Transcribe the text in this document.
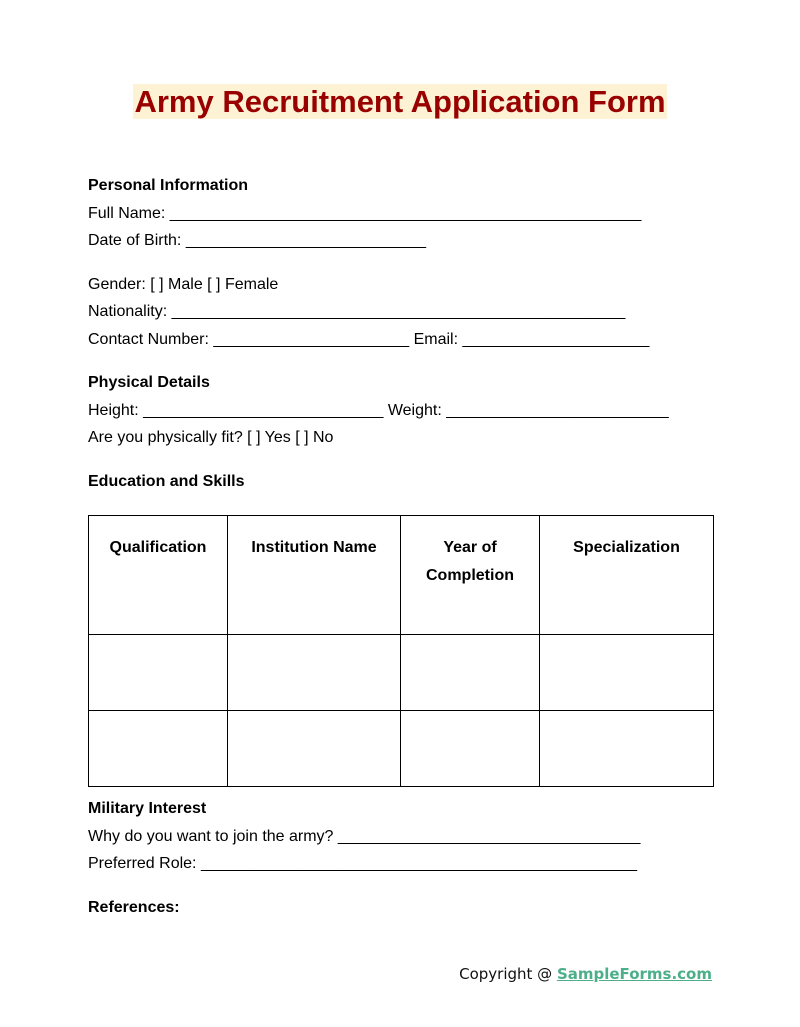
Army Recruitment Application Form
Personal Information
Full Name: _____________________________________________________
Date of Birth: ___________________________
Gender: [ ] Male [ ] Female
Nationality: ___________________________________________________
Contact Number: ______________________ Email: _____________________
Physical Details
Height: ___________________________ Weight: _________________________
Are you physically fit? [ ] Yes [ ] No
Education and Skills
Qualification	Institution Name	Year of Completion	Specialization

Military Interest
Why do you want to join the army? __________________________________
Preferred Role: _________________________________________________
References:
Copyright @ SampleForms.com
